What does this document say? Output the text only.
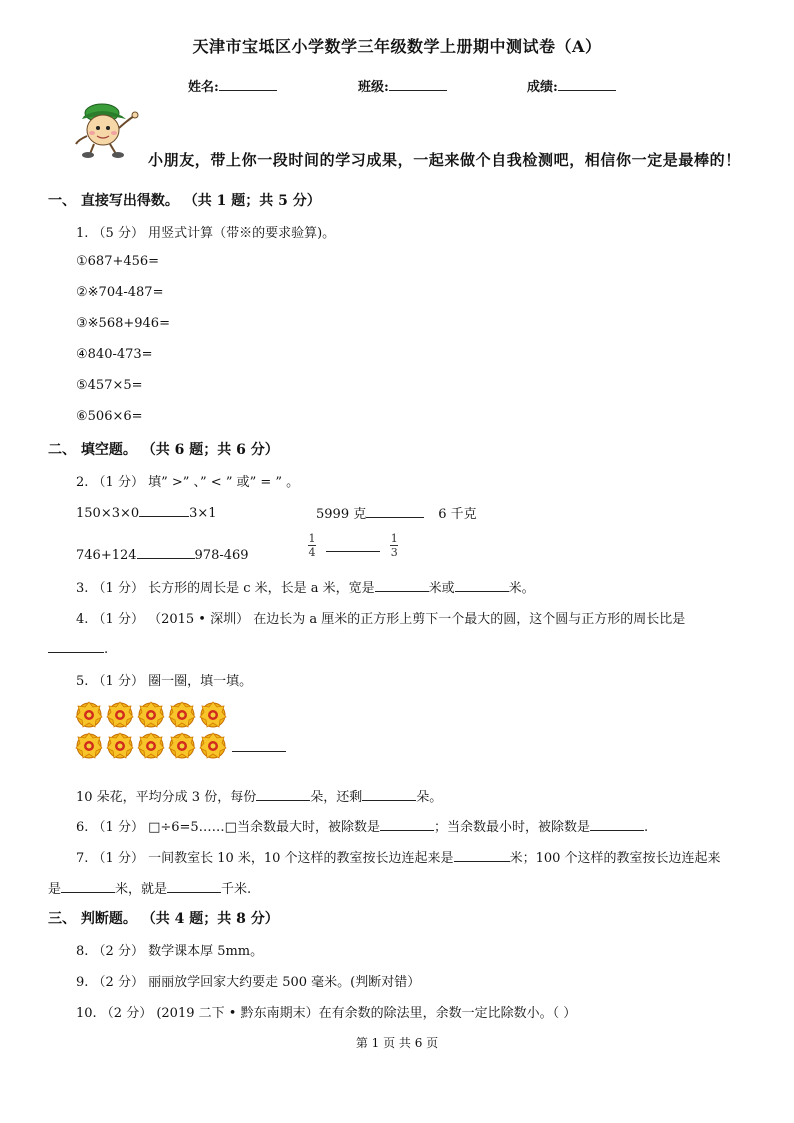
天津市宝坻区小学数学三年级数学上册期中测试卷（A）
姓名:	班级:	成绩:
小朋友，带上你一段时间的学习成果，一起来做个自我检测吧，相信你一定是最棒的！
一、 直接写出得数。 （共 1 题；共 5 分）
1. （5 分） 用竖式计算（带※的要求验算)。
①687+456=
②※704-487=
③※568+946=
④840-473=
⑤457×5=
⑥506×6=
二、 填空题。 （共 6 题；共 6 分）
2. （1 分） 填” >” 、” < ” 或” = ” 。
150×3×0	3×1	5999 克	6 千克
746+124	978-469	$\frac{1}{4}$
	$\frac{1}{3}$
3. （1 分） 长方形的周长是 c 米，长是 a 米，宽是	米或	米。
4. （1 分） （2015 • 深圳） 在边长为 a 厘米的正方形上剪下一个最大的圆，这个圆与正方形的周长比是
.
5. （1 分） 圈一圈，填一填。
10 朵花，平均分成 3 份，每份	朵，还剩	朵。
6. （1 分） □÷6=5……□当余数最大时，被除数是	；当余数最小时，被除数是	.
7. （1 分） 一间教室长 10 米，10 个这样的教室按长边连起来是	米；100 个这样的教室按长边连起来
是	米，就是	千米.
三、 判断题。 （共 4 题；共 8 分）
8. （2 分） 数学课本厚 5mm。
9. （2 分） 丽丽放学回家大约要走 500 毫米。(判断对错）
10. （2 分） (2019 二下 • 黔东南期末）在有余数的除法里，余数一定比除数小。（ ）
第 1 页 共 6 页
